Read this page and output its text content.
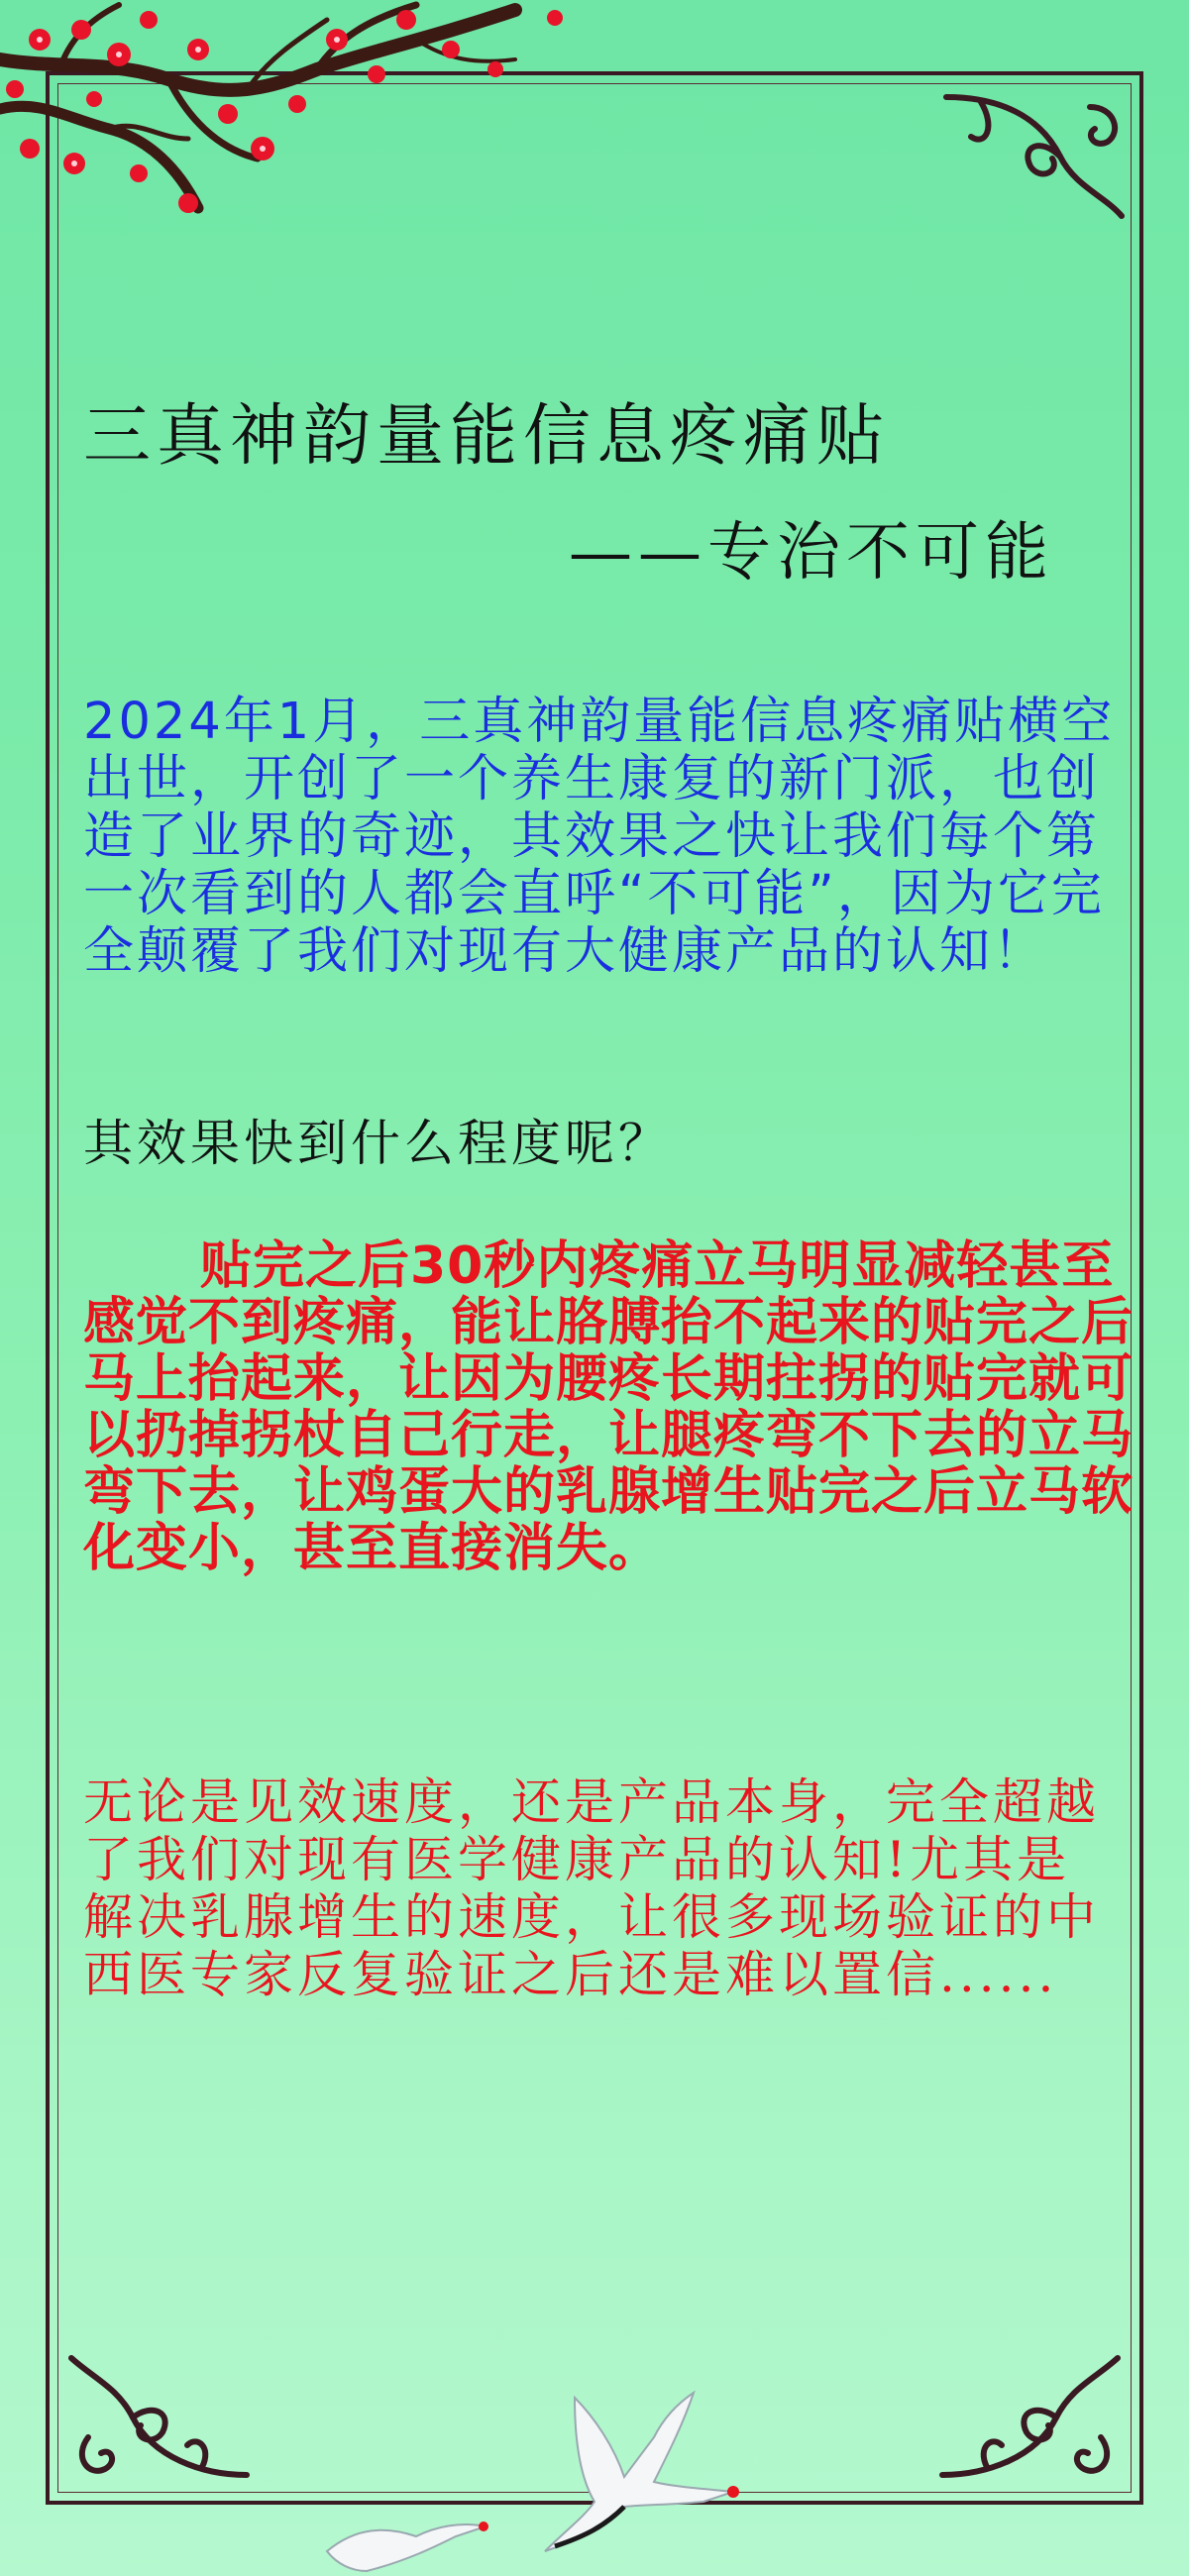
三真神韵量能信息疼痛贴
——专治不可能
2024年1月，三真神韵量能信息疼痛贴横空出世，开创了一个养生康复的新门派，也创造了业界的奇迹，其效果之快让我们每个第一次看到的人都会直呼“不可能”，因为它完全颠覆了我们对现有大健康产品的认知！
其效果快到什么程度呢？
贴完之后30秒内疼痛立马明显减轻甚至感觉不到疼痛，能让胳膊抬不起来的贴完之后马上抬起来，让因为腰疼长期拄拐的贴完就可以扔掉拐杖自己行走，让腿疼弯不下去的立马弯下去，让鸡蛋大的乳腺增生贴完之后立马软化变小，甚至直接消失。
无论是见效速度，还是产品本身，完全超越了我们对现有医学健康产品的认知!尤其是解决乳腺增生的速度，让很多现场验证的中西医专家反复验证之后还是难以置信......
